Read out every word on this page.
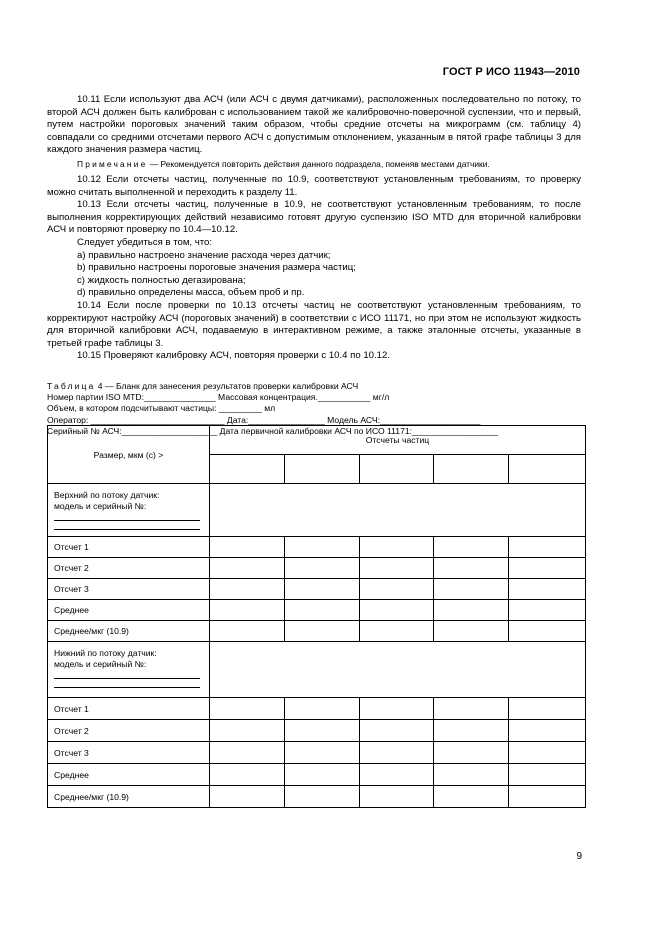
ГОСТ Р ИСО 11943—2010

10.11 Если используют два АСЧ (или АСЧ с двумя датчиками), расположенных последовательно по потоку, то второй АСЧ должен быть калиброван с использованием такой же калибровочно-поверочной суспензии, что и первый, путем настройки пороговых значений таким образом, чтобы средние отсчеты на микрограмм (см. таблицу 4) совпадали со средними отсчетами первого АСЧ с допустимым отклонением, указанным в пятой графе таблицы 3 для каждого значения размера частиц.

Примечание — Рекомендуется повторить действия данного подраздела, поменяв местами датчики.

10.12 Если отсчеты частиц, полученные по 10.9, соответствуют установленным требованиям, то проверку можно считать выполненной и переходить к разделу 11.

10.13 Если отсчеты частиц, полученные в 10.9, не соответствуют установленным требованиям, то после выполнения корректирующих действий независимо готовят другую суспензию ISO MTD для вторичной калибровки АСЧ и повторяют проверку по 10.4—10.12.

Следует убедиться в том, что:

a) правильно настроено значение расхода через датчик;

b) правильно настроены пороговые значения размера частиц;

c) жидкость полностью дегазирована;

d) правильно определены масса, объем проб и пр.

10.14 Если после проверки по 10.13 отсчеты частиц не соответствуют установленным требованиям, то корректируют настройку АСЧ (пороговых значений) в соответствии с ИСО 11171, но при этом не используют жидкость для вторичной калибровки АСЧ, подаваемую в интерактивном режиме, а также эталонные отсчеты, указанные в третьей графе таблицы 3.

10.15 Проверяют калибровку АСЧ, повторяя проверки с 10.4 по 10.12.

Таблица 4 — Бланк для занесения результатов проверки калибровки АСЧ
Номер партии ISO MTD:_______________ Массовая концентрация.___________ мг/л
Объем, в котором подсчитывают частицы: _________ мл
Оператор: ____________________________ Дата:________________ Модель АСЧ:_____________________
Серийный № АСЧ:____________________ Дата первичной калибровки АСЧ по ИСО 11171:__________________
Размер, мкм (с) >	Отсчеты частиц				

Верхний по потоку датчик:
модель и серийный №:					

Отсчет 1					
Отсчет 2					
Отсчет 3					
Среднее					
Среднее/мкг (10.9)					

Нижний по потоку датчик:
модель и серийный №:					

Отсчет 1					
Отсчет 2					
Отсчет 3					
Среднее					
Среднее/мкг (10.9)					
9
